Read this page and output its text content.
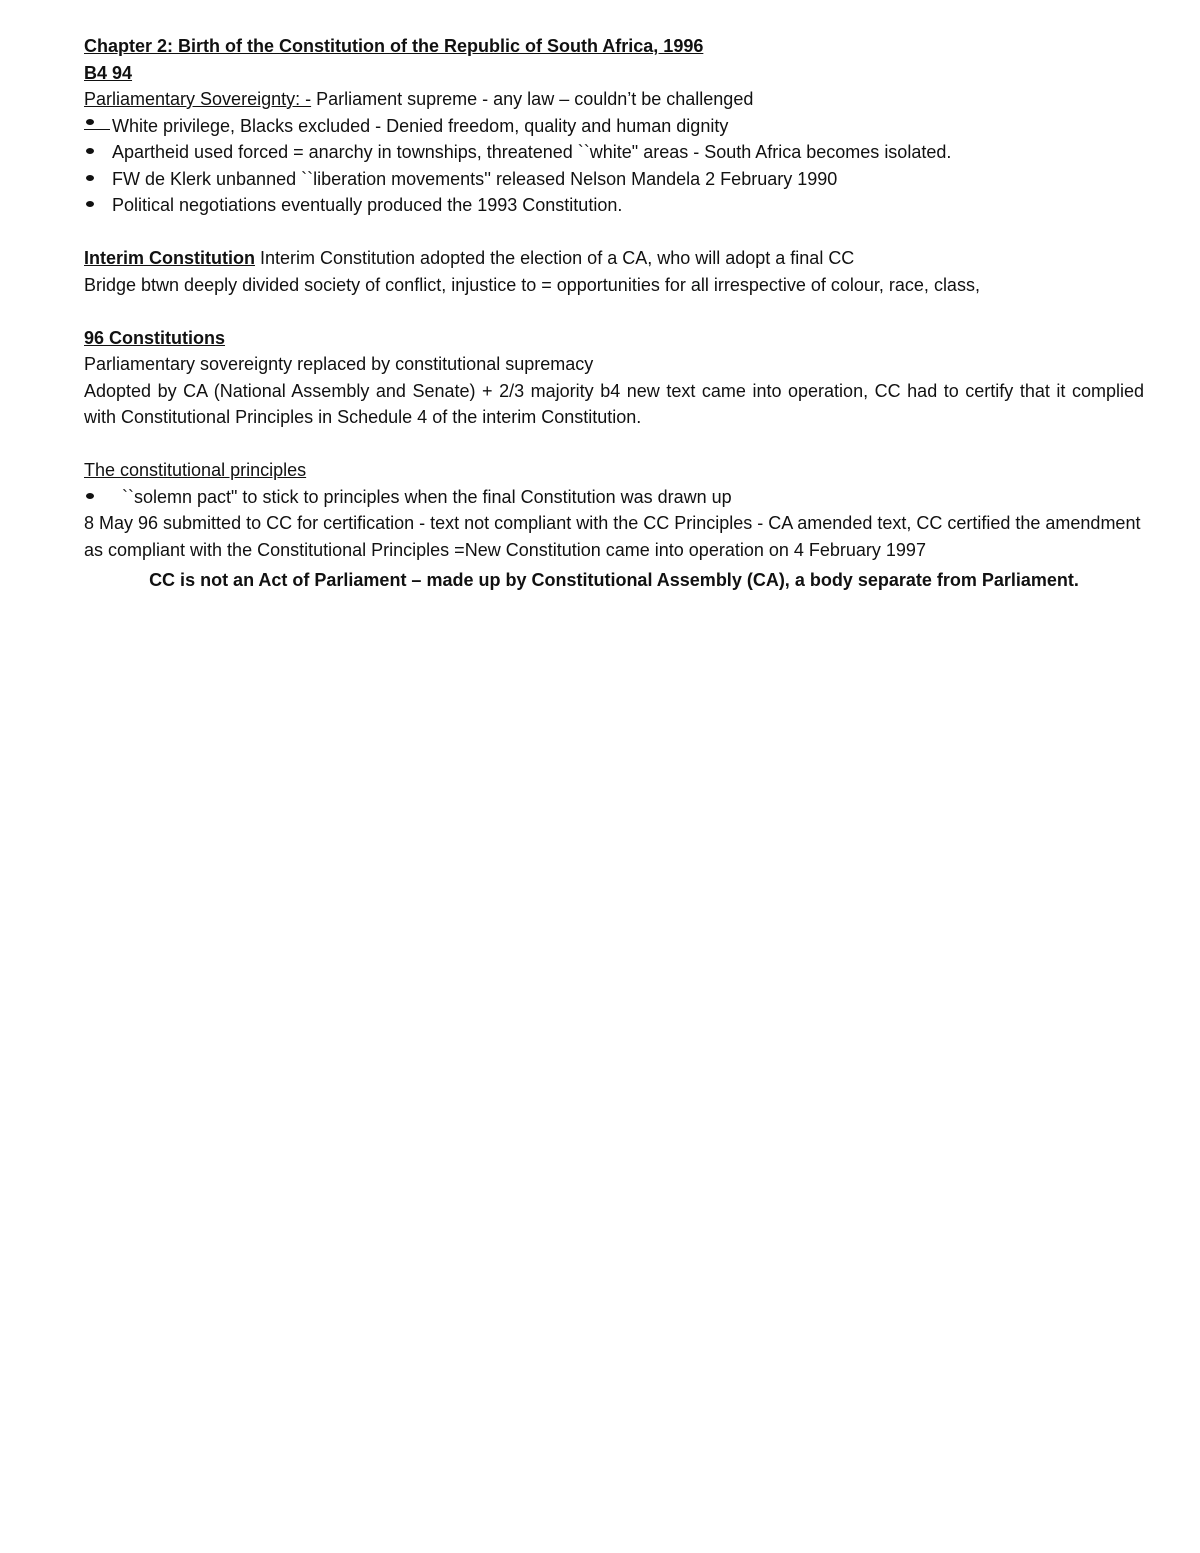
Chapter 2: Birth of the Constitution of the Republic of South Africa, 1996
B4 94
Parliamentary Sovereignty: - Parliament supreme - any law – couldn’t be challenged
White privilege, Blacks excluded - Denied freedom, quality and human dignity
Apartheid used forced = anarchy in townships, threatened ``white" areas - South Africa becomes isolated.
FW de Klerk unbanned ``liberation movements'' released Nelson Mandela 2 February 1990
Political negotiations eventually produced the 1993 Constitution.
Interim Constitution Interim Constitution adopted the election of a CA, who will adopt a final CC
Bridge btwn deeply divided society of conflict, injustice to = opportunities for all irrespective of colour, race, class,
96 Constitutions
Parliamentary sovereignty replaced by constitutional supremacy
Adopted by CA (National Assembly and Senate) + 2/3 majority b4 new text came into operation, CC had to certify that it complied with Constitutional Principles in Schedule 4 of the interim Constitution.
The constitutional principles
``solemn pact" to stick to principles when the final Constitution was drawn up
8 May 96 submitted to CC for certification - text not compliant with the CC Principles - CA amended text, CC certified the amendment as compliant with the Constitutional Principles =New Constitution came into operation on 4 February 1997
CC is not an Act of Parliament – made up by Constitutional Assembly (CA), a body separate from Parliament.
